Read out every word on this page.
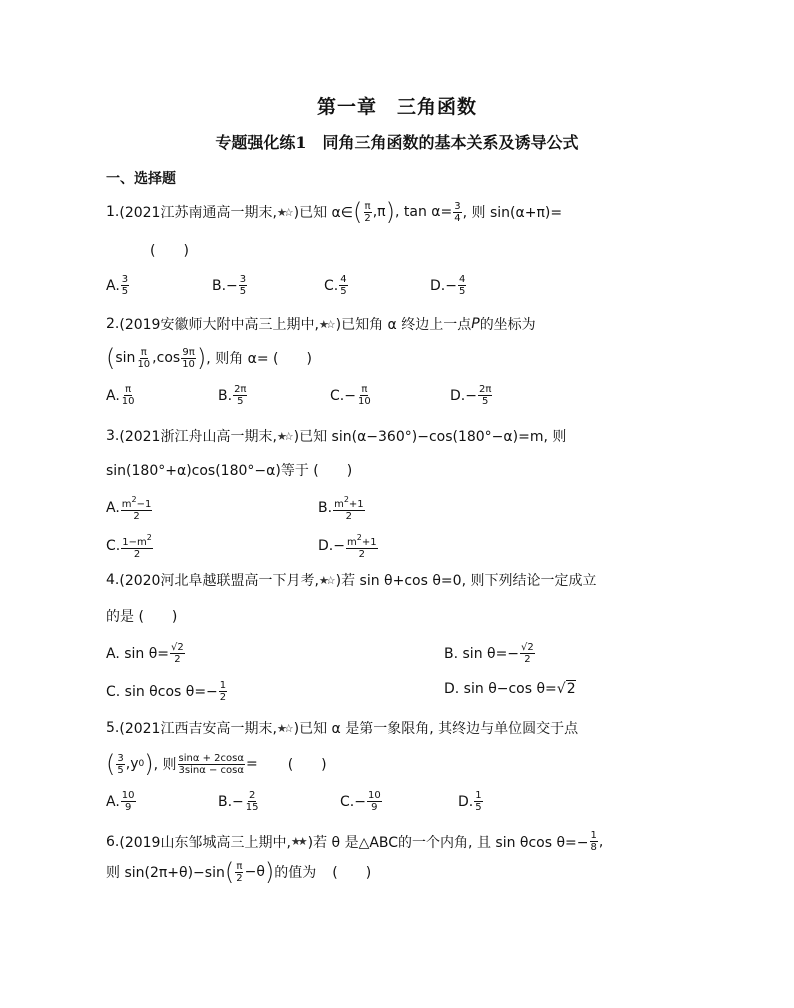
第一章　三角函数
专题强化练1　同角三角函数的基本关系及诱导公式
一、选择题
1. (2021江苏南通高一期末, ★☆ )已知 α∈ ( $\frac{\pi}{2} ,\pi$ ) , $\tan \alpha= \frac{3}{4}$ , 则 sin(α+π)=
(　　)
A. $\frac{3}{5}$	$B.- \frac{3}{5}$	C. $\frac{4}{5}$	$D.- \frac{4}{5}$
2. (2019安徽师大附中高三上期中, ★☆ )已知角 α 终边上一点 P 的坐标为
( $\sin \frac{\pi}{10} ,\cos \frac{9\pi}{10}$ ) , 则角 α= (　　)
A. $\frac{\pi}{10}$	B. $\frac{2\pi}{5}$	$C.- \frac{\pi}{10}$	$D.- \frac{2\pi}{5}$
3. (2021浙江舟山高一期末, ★☆ )已知 sin(α−360°)−cos(180°−α)=m, 则
sin(180°+α)cos(180°−α)等于 (　　)
A. $\frac{m^2-1}{2}$	B. $\frac{m^2+1}{2}$
C. $\frac{1-m^2}{2}$	$D.- \frac{m^2+1}{2}$
4. (2020河北阜越联盟高一下月考, ★☆ )若 sin θ+cos θ=0, 则下列结论一定成立
的是 (　　)
A. $\sin \theta= \frac{√2}{2}$	B. $\sin \theta=- \frac{√2}{2}$
C. sin θcos $\theta=- \frac{1}{2}$	D. sin θ−cos θ= √ 2
5. (2021江西吉安高一期末, ★☆ )已知 α 是第一象限角, 其终边与单位圆交于点
( $\frac{3}{5} ,y$ 0 ) , 则 $\frac{\sin\alpha + 2\cos\alpha}{3\sin\alpha - \cos\alpha}$ = (　　)
A. $\frac{10}{9}$	$B.- \frac{2}{15}$	$C.- \frac{10}{9}$	D. $\frac{1}{5}$
6. (2019山东邹城高三上期中, ★★ )若 θ 是△ABC的一个内角, 且 sin θcos $\theta=- \frac{1}{8}$ ,
则 sin(2π+θ)−sin ( $\frac{\pi}{2} -\theta$ ) 的值为 (　　)
